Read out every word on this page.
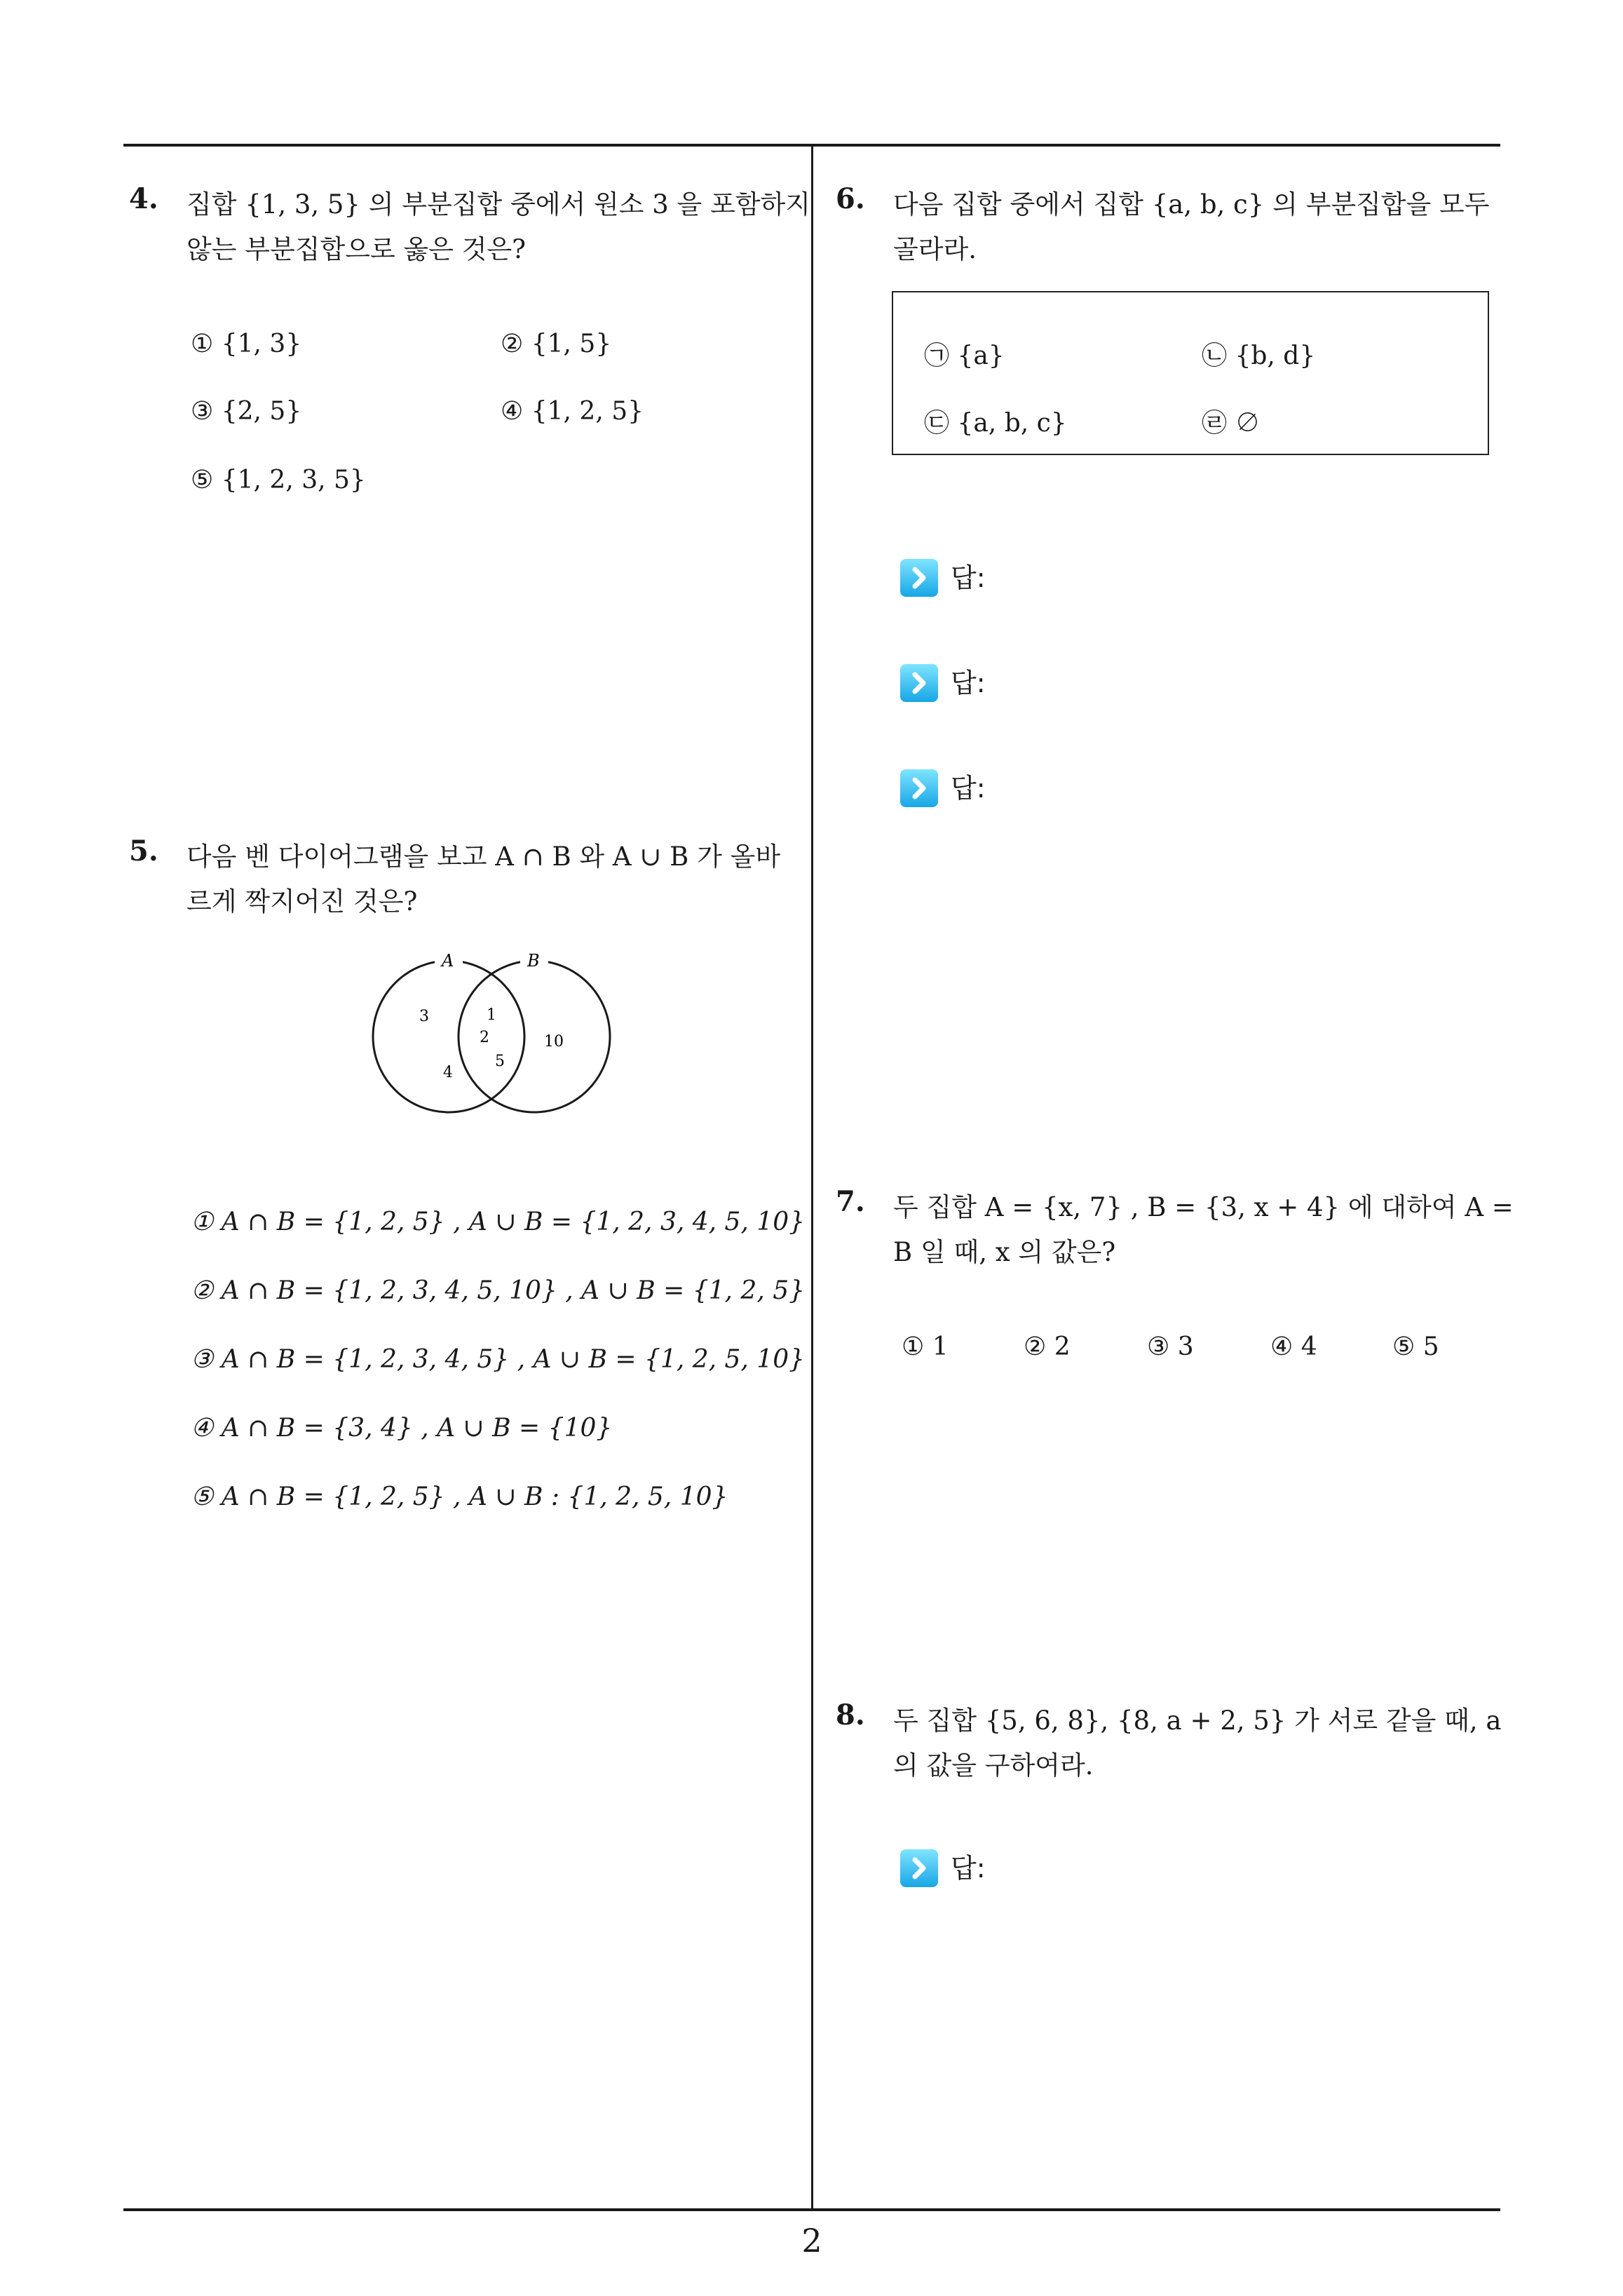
4. 집합 {1, 3, 5} 의 부분집합 중에서 원소 3 을 포함하지
않는 부분집합으로 옳은 것은?
① {1, 3}	② {1, 5}
③ {2, 5}	④ {1, 2, 5}
⑤ {1, 2, 3, 5}
5. 다음 벤 다이어그램을 보고 A ∩ B 와 A ∪ B 가 올바
르게 짝지어진 것은?
A	B
3
4
1
2
5
10
① A ∩ B = {1, 2, 5} , A ∪ B = {1, 2, 3, 4, 5, 10}
② A ∩ B = {1, 2, 3, 4, 5, 10} , A ∪ B = {1, 2, 5}
③ A ∩ B = {1, 2, 3, 4, 5} , A ∪ B = {1, 2, 5, 10}
④ A ∩ B = {3, 4} , A ∪ B = {10}
⑤ A ∩ B = {1, 2, 5} , A ∪ B : {1, 2, 5, 10}
6. 다음 집합 중에서 집합 {a, b, c} 의 부분집합을 모두
골라라.
㉠ {a}	㉡ {b, d}
㉢ {a, b, c}	㉣ ∅
답:
답:
답:
7. 두 집합 A = {x, 7} , B = {3, x + 4} 에 대하여 A =
B 일 때, x 의 값은?
① 1	② 2	③ 3	④ 4	⑤ 5
8. 두 집합 {5, 6, 8}, {8, a + 2, 5} 가 서로 같을 때, a
의 값을 구하여라.
답:
2
